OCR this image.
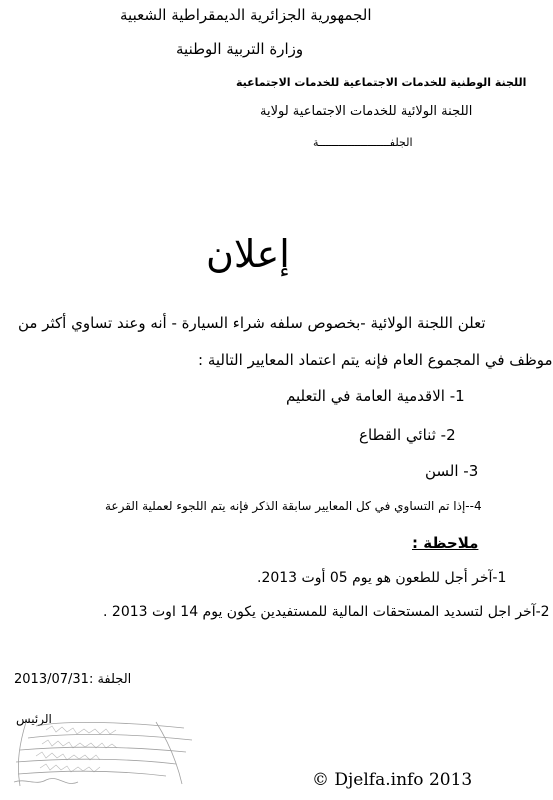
الجمهورية الجزائرية الديمقراطية الشعبية
وزارة التربية الوطنية
اللجنة الوطنية للخدمات الاجتماعية للخدمات الاجتماعية
اللجنة الولائية للخدمات الاجتماعية لولاية
الجلفــــــــــــــــــــــة
إعلان
تعلن اللجنة الولائية -بخصوص سلفه شراء السيارة - أنه وعند تساوي أكثر من
موظف في المجموع العام فإنه يتم اعتماد المعايير التالية :
1- الاقدمية العامة في التعليم
2- ثنائي القطاع
3- السن
4--إذا تم التساوي في كل المعايير سابقة الذكر فإنه يتم اللجوء لعملية القرعة
ملاحظة :
1-آخر أجل للطعون هو يوم 05 أوت 2013.
2-آخر اجل لتسديد المستحقات المالية للمستفيدين يكون يوم 14 اوت 2013 .
الجلفة :2013/07/31
الرئيس
© Djelfa.info 2013
